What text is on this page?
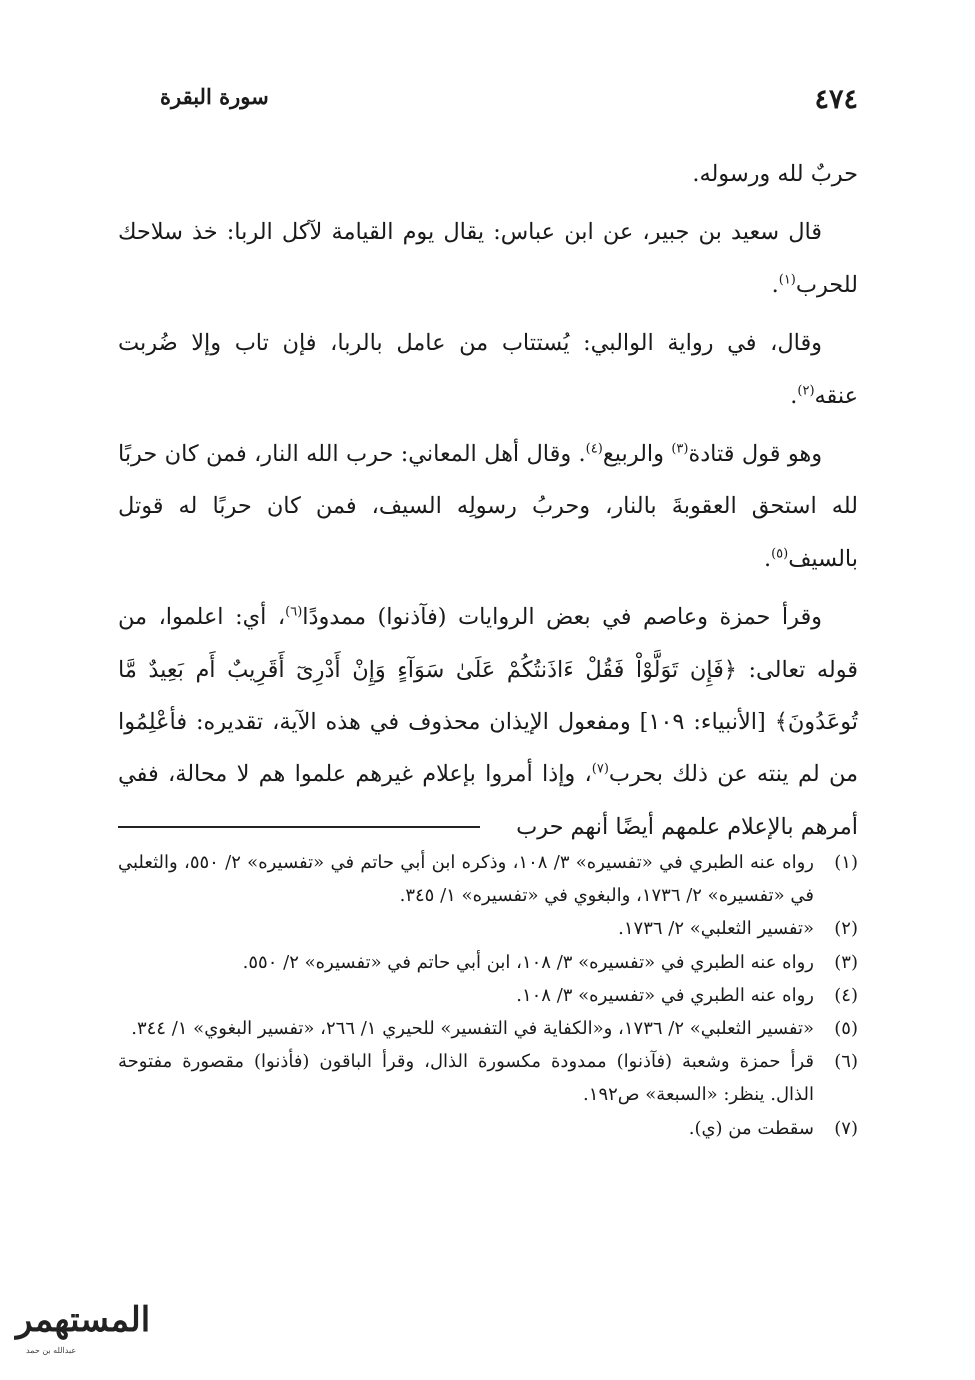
٤٧٤
سورة البقرة

حربٌ لله ورسوله.

قال سعيد بن جبير، عن ابن عباس: يقال يوم القيامة لآكل الربا: خذ سلاحك للحرب$^{(١)}$.

وقال، في رواية الوالبي: يُستتاب من عامل بالربا، فإن تاب وإلا ضُربت عنقه$^{(٢)}$.

وهو قول قتادة$^{(٣)}$ والربيع$^{(٤)}$. وقال أهل المعاني: حرب الله النار، فمن كان حربًا لله استحق العقوبةَ بالنار، وحربُ رسولِه السيف، فمن كان حربًا له قوتل بالسيف$^{(٥)}$.

وقرأ حمزة وعاصم في بعض الروايات (فآذنوا) ممدودًا$^{(٦)}$، أي: اعلموا، من قوله تعالى: ﴿فَإِن تَوَلَّوْاْ فَقُلْ ءَاذَنتُكُمْ عَلَىٰ سَوَآءٍ وَإِنْ أَدْرِىٓ أَقَرِيبٌ أَم بَعِيدٌ مَّا تُوعَدُونَ﴾ [الأنبياء: ١٠٩] ومفعول الإيذان محذوف في هذه الآية، تقديره: فأعْلِمُوا من لم ينته عن ذلك بحرب$^{(٧)}$، وإذا أمروا بإعلام غيرهم علموا هم لا محالة، ففي أمرهم بالإعلام علمهم أيضًا أنهم حرب

(١)رواه عنه الطبري في «تفسيره» ٣/ ١٠٨، وذكره ابن أبي حاتم في «تفسيره» ٢/ ٥٥٠، والثعلبي في «تفسيره» ٢/ ١٧٣٦، والبغوي في «تفسيره» ١/ ٣٤٥.

(٢)«تفسير الثعلبي» ٢/ ١٧٣٦.

(٣)رواه عنه الطبري في «تفسيره» ٣/ ١٠٨، ابن أبي حاتم في «تفسيره» ٢/ ٥٥٠.

(٤)رواه عنه الطبري في «تفسيره» ٣/ ١٠٨.

(٥)«تفسير الثعلبي» ٢/ ١٧٣٦، و«الكفاية في التفسير» للحيري ١/ ٢٦٦، «تفسير البغوي» ١/ ٣٤٤.

(٦)قرأ حمزة وشعبة (فآذنوا) ممدودة مكسورة الذال، وقرأ الباقون (فأذنوا) مقصورة مفتوحة الذال. ينظر: «السبعة» ص١٩٢.

(٧)سقطت من (ي).

المستهمر
عبدالله بن حمد
